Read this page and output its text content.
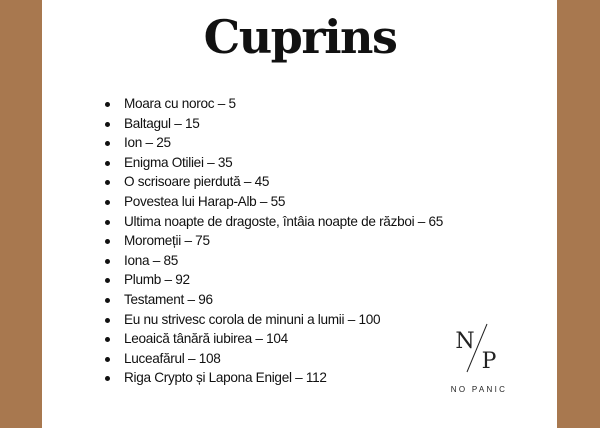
Cuprins
Moara cu noroc – 5
Baltagul – 15
Ion – 25
Enigma Otiliei – 35
O scrisoare pierdută – 45
Povestea lui Harap-Alb – 55
Ultima noapte de dragoste, întâia noapte de război – 65
Moromeții – 75
Iona – 85
Plumb – 92
Testament – 96
Eu nu strivesc corola de minuni a lumii – 100
Leoaică tânără iubirea – 104
Luceafărul – 108
Riga Crypto și Lapona Enigel – 112
N
P
NO PANIC
